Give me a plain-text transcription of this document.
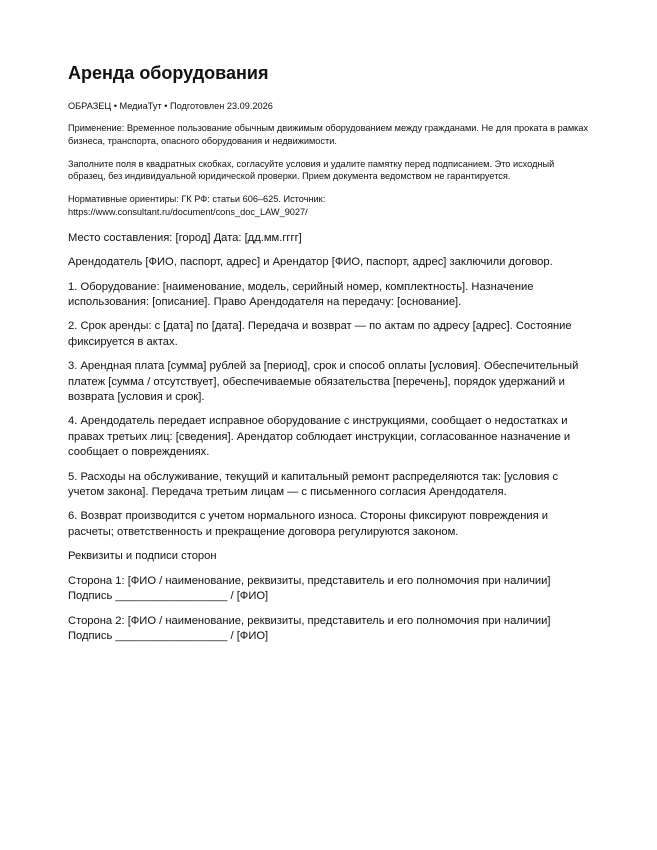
Аренда оборудования
ОБРАЗЕЦ • МедиаТут • Подготовлен 23.09.2026
Применение: Временное пользование обычным движимым оборудованием между гражданами. Не для проката в рамках бизнеса, транспорта, опасного оборудования и недвижимости.
Заполните поля в квадратных скобках, согласуйте условия и удалите памятку перед подписанием. Это исходный образец, без индивидуальной юридической проверки. Прием документа ведомством не гарантируется.
Нормативные ориентиры: ГК РФ: статьи 606–625. Источник:
https://www.consultant.ru/document/cons_doc_LAW_9027/
Место составления: [город] Дата: [дд.мм.гггг]
Арендодатель [ФИО, паспорт, адрес] и Арендатор [ФИО, паспорт, адрес] заключили договор.
1. Оборудование: [наименование, модель, серийный номер, комплектность]. Назначение использования: [описание]. Право Арендодателя на передачу: [основание].
2. Срок аренды: с [дата] по [дата]. Передача и возврат — по актам по адресу [адрес]. Состояние фиксируется в актах.
3. Арендная плата [сумма] рублей за [период], срок и способ оплаты [условия]. Обеспечительный платеж [сумма / отсутствует], обеспечиваемые обязательства [перечень], порядок удержаний и возврата [условия и срок].
4. Арендодатель передает исправное оборудование с инструкциями, сообщает о недостатках и правах третьих лиц: [сведения]. Арендатор соблюдает инструкции, согласованное назначение и сообщает о повреждениях.
5. Расходы на обслуживание, текущий и капитальный ремонт распределяются так: [условия с учетом закона]. Передача третьим лицам — с письменного согласия Арендодателя.
6. Возврат производится с учетом нормального износа. Стороны фиксируют повреждения и расчеты; ответственность и прекращение договора регулируются законом.
Реквизиты и подписи сторон
Сторона 1: [ФИО / наименование, реквизиты, представитель и его полномочия при наличии]
Подпись __________________ / [ФИО]
Сторона 2: [ФИО / наименование, реквизиты, представитель и его полномочия при наличии]
Подпись __________________ / [ФИО]
